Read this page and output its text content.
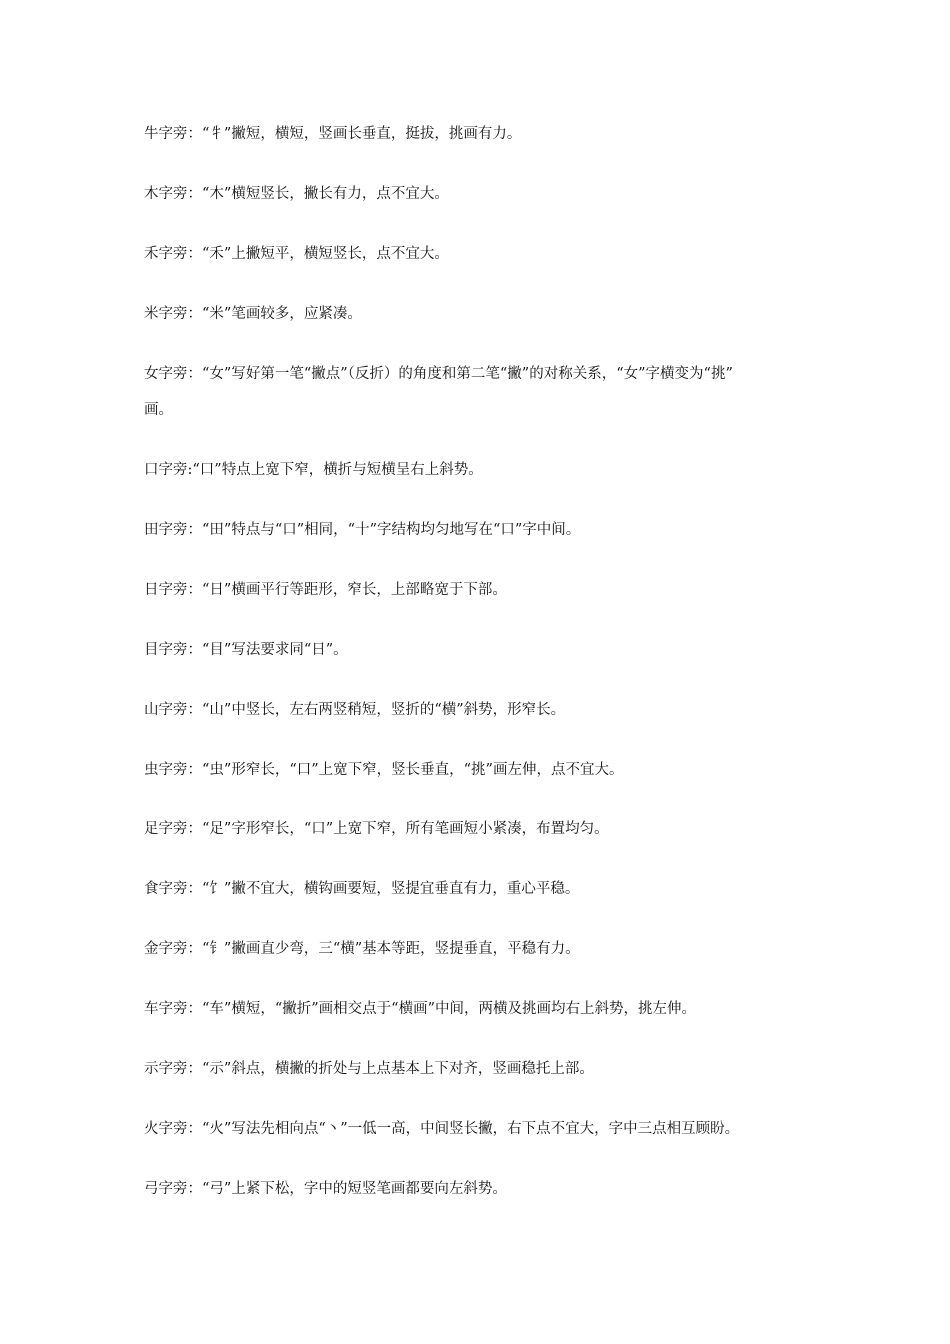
牛字旁：“牜”撇短，横短，竖画长垂直，挺拔，挑画有力。
木字旁：“木”横短竖长，撇长有力，点不宜大。
禾字旁：“禾”上撇短平，横短竖长，点不宜大。
米字旁：“米”笔画较多，应紧凑。
女字旁：“女”写好第一笔“撇点”（反折）的角度和第二笔“撇”的对称关系，“女”字横变为“挑”
画。
口字旁:“口”特点上宽下窄，横折与短横呈右上斜势。
田字旁：“田”特点与“口”相同，“十”字结构均匀地写在“口”字中间。
日字旁：“日”横画平行等距形，窄长，上部略宽于下部。
目字旁：“目”写法要求同“日”。
山字旁：“山”中竖长，左右两竖稍短，竖折的“横”斜势，形窄长。
虫字旁：“虫”形窄长，“口”上宽下窄，竖长垂直，“挑”画左伸，点不宜大。
足字旁：“足”字形窄长，“口”上宽下窄，所有笔画短小紧凑，布置均匀。
食字旁：“饣”撇不宜大，横钩画要短，竖提宜垂直有力，重心平稳。
金字旁：“钅”撇画直少弯，三“横”基本等距，竖提垂直，平稳有力。
车字旁：“车”横短，“撇折”画相交点于“横画”中间，两横及挑画均右上斜势，挑左伸。
示字旁：“示”斜点，横撇的折处与上点基本上下对齐，竖画稳托上部。
火字旁：“火”写法先相向点“丶”一低一高，中间竖长撇，右下点不宜大，字中三点相互顾盼。
弓字旁：“弓”上紧下松，字中的短竖笔画都要向左斜势。
